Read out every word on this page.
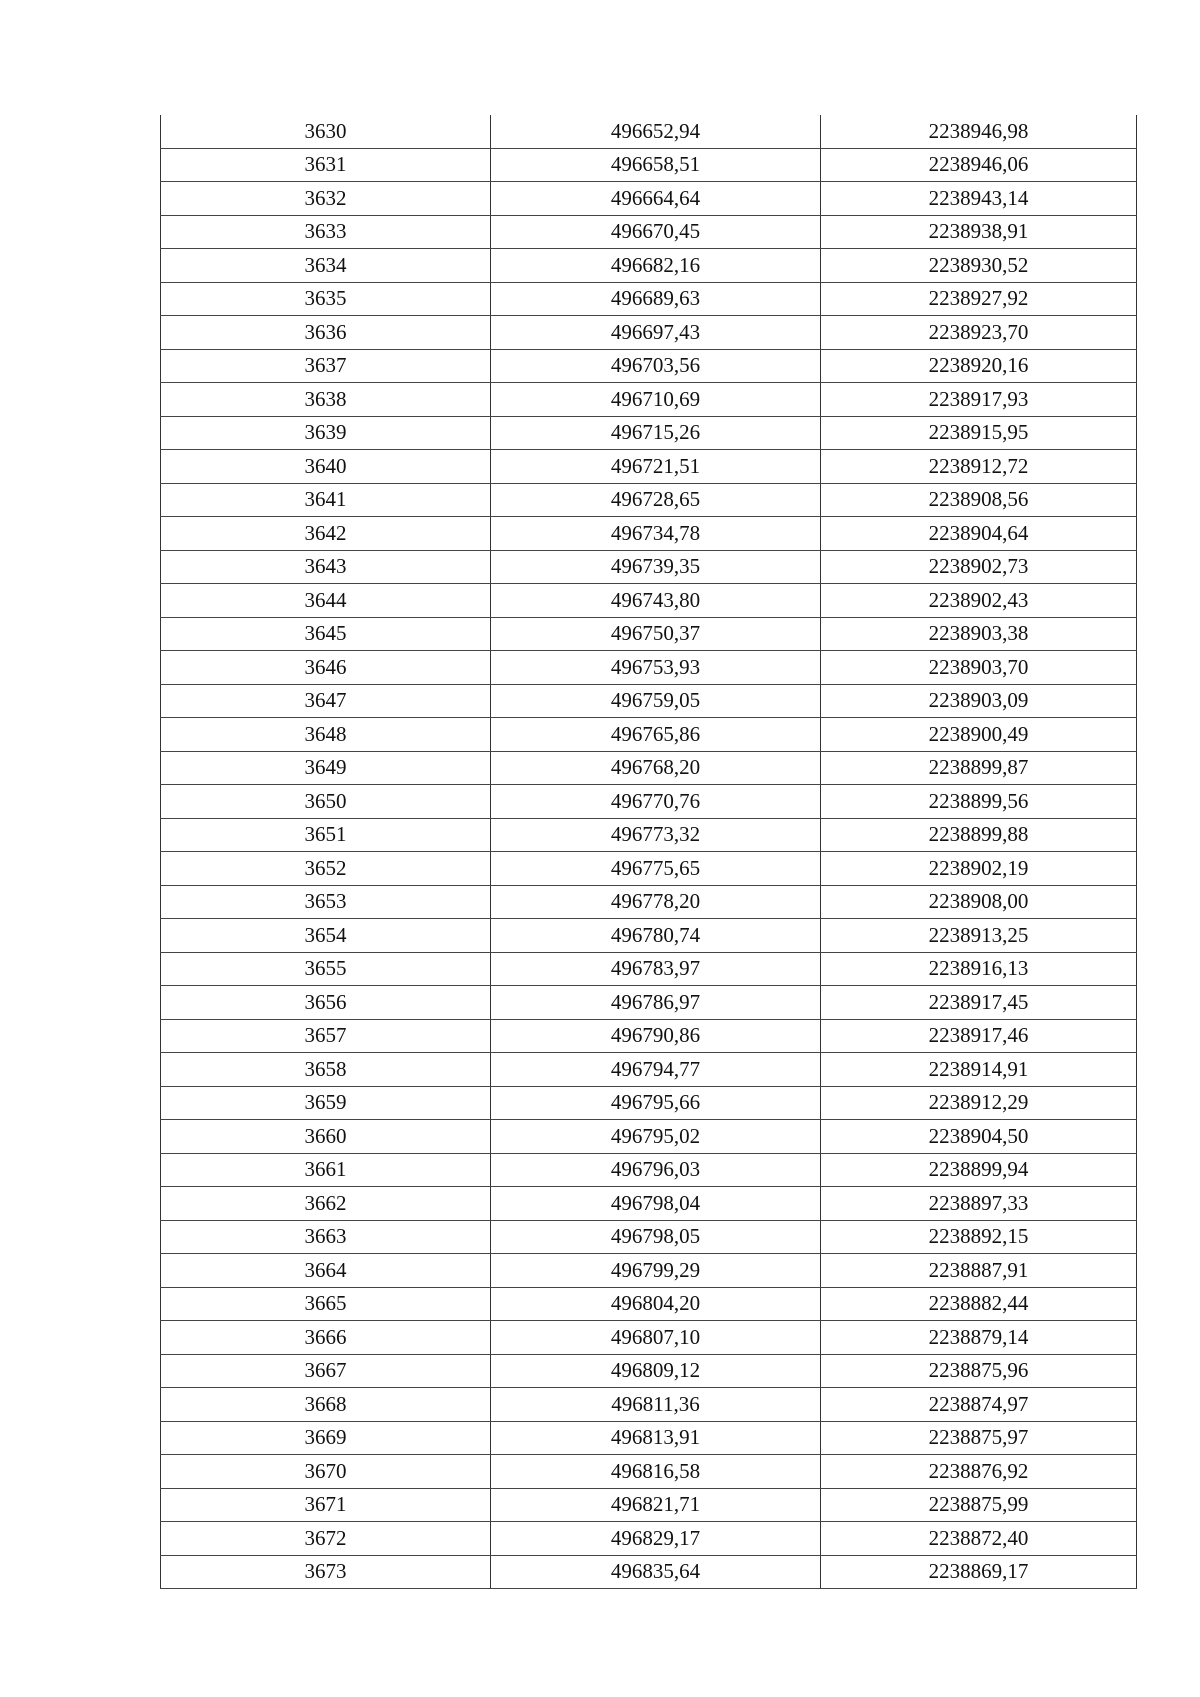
3630	496652,94	2238946,98
3631	496658,51	2238946,06
3632	496664,64	2238943,14
3633	496670,45	2238938,91
3634	496682,16	2238930,52
3635	496689,63	2238927,92
3636	496697,43	2238923,70
3637	496703,56	2238920,16
3638	496710,69	2238917,93
3639	496715,26	2238915,95
3640	496721,51	2238912,72
3641	496728,65	2238908,56
3642	496734,78	2238904,64
3643	496739,35	2238902,73
3644	496743,80	2238902,43
3645	496750,37	2238903,38
3646	496753,93	2238903,70
3647	496759,05	2238903,09
3648	496765,86	2238900,49
3649	496768,20	2238899,87
3650	496770,76	2238899,56
3651	496773,32	2238899,88
3652	496775,65	2238902,19
3653	496778,20	2238908,00
3654	496780,74	2238913,25
3655	496783,97	2238916,13
3656	496786,97	2238917,45
3657	496790,86	2238917,46
3658	496794,77	2238914,91
3659	496795,66	2238912,29
3660	496795,02	2238904,50
3661	496796,03	2238899,94
3662	496798,04	2238897,33
3663	496798,05	2238892,15
3664	496799,29	2238887,91
3665	496804,20	2238882,44
3666	496807,10	2238879,14
3667	496809,12	2238875,96
3668	496811,36	2238874,97
3669	496813,91	2238875,97
3670	496816,58	2238876,92
3671	496821,71	2238875,99
3672	496829,17	2238872,40
3673	496835,64	2238869,17
